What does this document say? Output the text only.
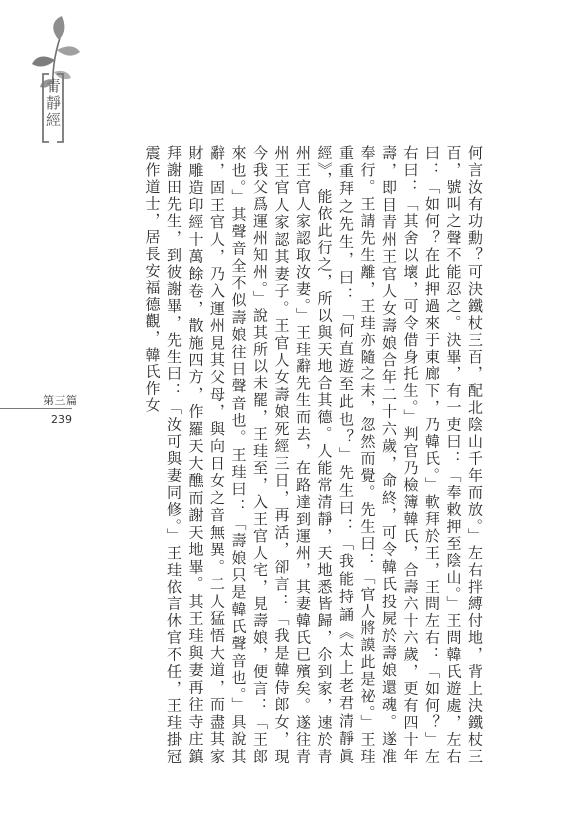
青靜經

何言汝有功勳？可決鐵杖三百，配北陰山千年而放。」左右拌縛付地，背上決鐵杖三百，號叫之聲不能忍之。決畢，有一吏曰：「奉敕押至陰山。」王問韓氏遊處，左右曰：「如何？在此押過來于東廊下，乃韓氏。」軟拜於王，王問左右：「如何？」左右曰：「其舍以壞，可令借身托生。」判官乃檢簿韓氏，合壽六十六歲，更有四十年壽，即目青州王官人女壽娘合年二十六歲，命終，可令韓氏投屍於壽娘還魂。遂准奉行。王請先生離，王珪亦隨之末，忽然而覺。先生曰：「官人將謨此是祕。」王珪重重拜之先生，曰：「何直遊至此也？」先生曰：「我能持誦《太上老君清靜眞經》，能依此行之，所以與天地合其德。人能常清靜，天地悉皆歸，尒到家，速於青州王官人家認取汝妻。」王珪辭先生而去，在路達到運州，其妻韓氏已殯矣。遂往青州王官人家認其妻子。王官人女壽娘死經三日，再活，卻言：「我是韓侍郎女，現今我父爲運州知州。」說其所以未罷，王珪至，入王官人宅，見壽娘，便言：「王郎來也。」其聲音全不似壽娘往日聲音也。王珪曰：「壽娘只是韓氏聲音也。」具說其辭，固王官人，乃入運州見其父母，與向日女之音無異。二人猛悟大道，而盡其家財雕造印經十萬餘卷，散施四方，作羅天大醮而謝天地畢。其王珪與妻再往寺庄鎮拜謝田先生，到彼謝畢，先生曰：「汝可與妻同修。」王珪依言休官不任，王珪掛冠震作道士，居長安福德觀，韓氏作女

第三篇
239
